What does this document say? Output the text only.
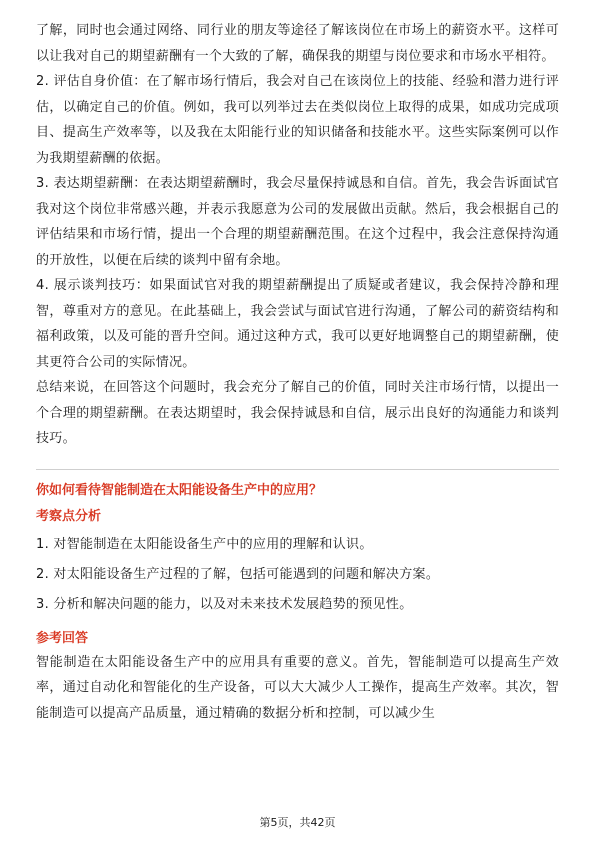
了解，同时也会通过网络、同行业的朋友等途径了解该岗位在市场上的薪资水平。这样可以让我对自己的期望薪酬有一个大致的了解，确保我的期望与岗位要求和市场水平相符。

2. 评估自身价值：在了解市场行情后，我会对自己在该岗位上的技能、经验和潜力进行评估，以确定自己的价值。例如，我可以列举过去在类似岗位上取得的成果，如成功完成项目、提高生产效率等，以及我在太阳能行业的知识储备和技能水平。这些实际案例可以作为我期望薪酬的依据。

3. 表达期望薪酬：在表达期望薪酬时，我会尽量保持诚恳和自信。首先，我会告诉面试官我对这个岗位非常感兴趣，并表示我愿意为公司的发展做出贡献。然后，我会根据自己的评估结果和市场行情，提出一个合理的期望薪酬范围。在这个过程中，我会注意保持沟通的开放性，以便在后续的谈判中留有余地。

4. 展示谈判技巧：如果面试官对我的期望薪酬提出了质疑或者建议，我会保持冷静和理智，尊重对方的意见。在此基础上，我会尝试与面试官进行沟通，了解公司的薪资结构和福利政策，以及可能的晋升空间。通过这种方式，我可以更好地调整自己的期望薪酬，使其更符合公司的实际情况。

总结来说，在回答这个问题时，我会充分了解自己的价值，同时关注市场行情，以提出一个合理的期望薪酬。在表达期望时，我会保持诚恳和自信，展示出良好的沟通能力和谈判技巧。

你如何看待智能制造在太阳能设备生产中的应用？

考察点分析

1. 对智能制造在太阳能设备生产中的应用的理解和认识。

2. 对太阳能设备生产过程的了解，包括可能遇到的问题和解决方案。

3. 分析和解决问题的能力，以及对未来技术发展趋势的预见性。

参考回答

智能制造在太阳能设备生产中的应用具有重要的意义。首先，智能制造可以提高生产效率，通过自动化和智能化的生产设备，可以大大减少人工操作，提高生产效率。其次，智能制造可以提高产品质量，通过精确的数据分析和控制，可以减少生

第5页，共42页
